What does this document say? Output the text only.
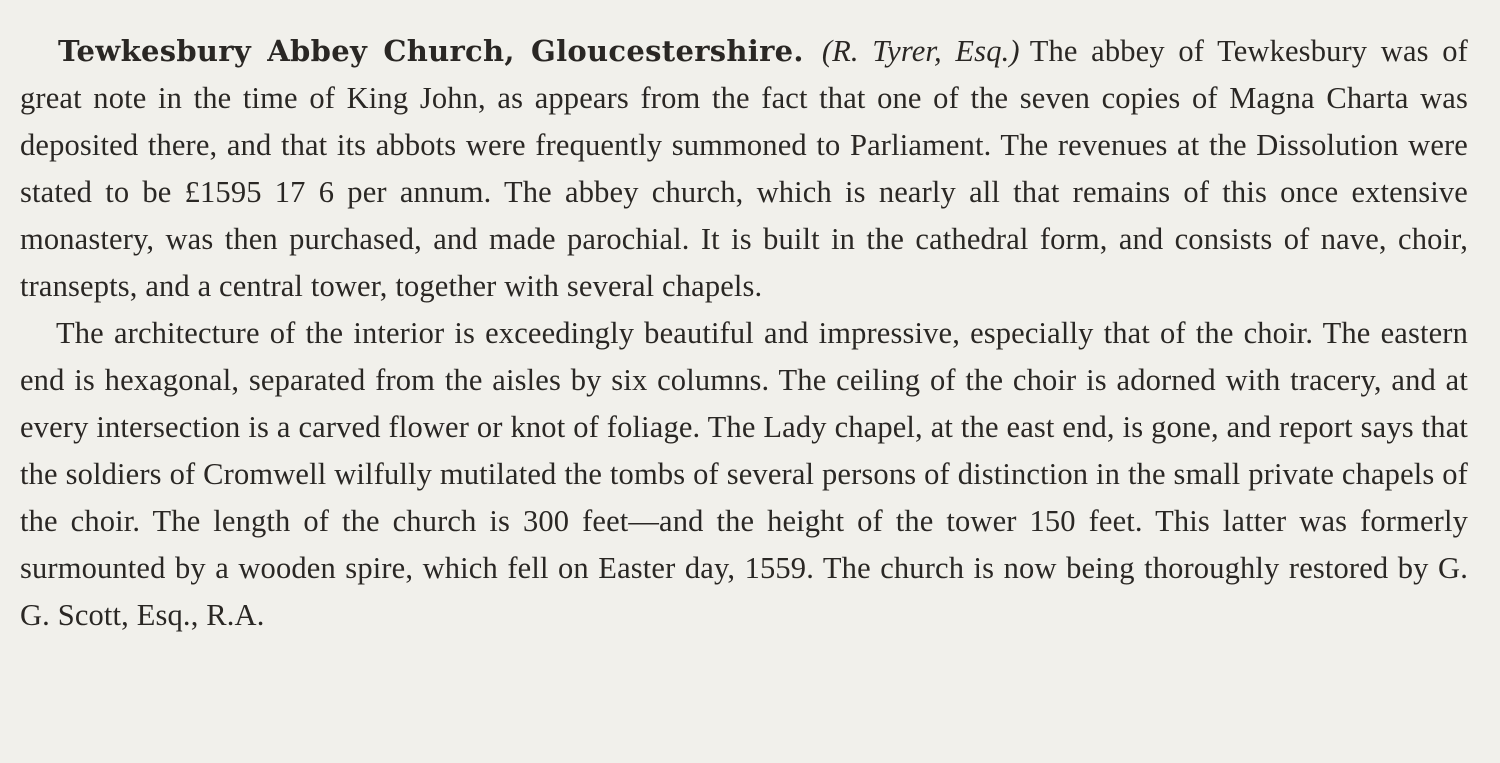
Tewkesbury Abbey Church, Gloucestershire. (R. Tyrer, Esq.) The abbey of Tewkesbury was of great note in the time of King John, as appears from the fact that one of the seven copies of Magna Charta was deposited there, and that its abbots were frequently summoned to Parliament. The revenues at the Dissolution were stated to be £1595 17 6 per annum. The abbey church, which is nearly all that remains of this once extensive monastery, was then purchased, and made parochial. It is built in the cathedral form, and consists of nave, choir, transepts, and a central tower, together with several chapels.

The architecture of the interior is exceedingly beautiful and impressive, especially that of the choir. The eastern end is hexagonal, separated from the aisles by six columns. The ceiling of the choir is adorned with tracery, and at every intersection is a carved flower or knot of foliage. The Lady chapel, at the east end, is gone, and report says that the soldiers of Cromwell wilfully mutilated the tombs of several persons of distinction in the small private chapels of the choir. The length of the church is 300 feet—and the height of the tower 150 feet. This latter was formerly surmounted by a wooden spire, which fell on Easter day, 1559. The church is now being thoroughly restored by G. G. Scott, Esq., R.A.
